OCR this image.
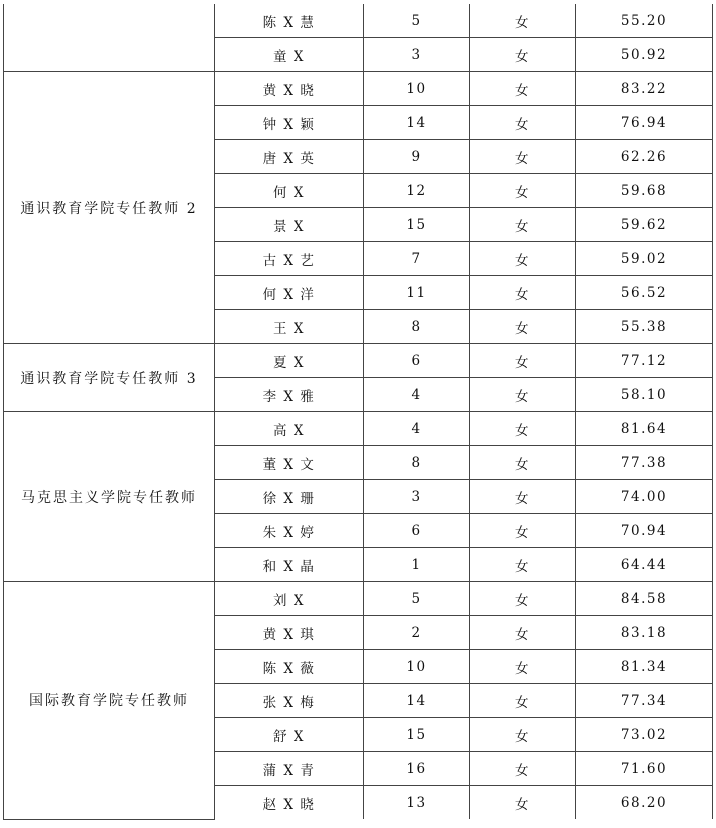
	陈 X 慧	5	女	55.20
	童 X	3	女	50.92
通识教育学院专任教师 2	黄 X 晓	10	女	83.22
	钟 X 颖	14	女	76.94
	唐 X 英	9	女	62.26
	何 X	12	女	59.68
	景 X	15	女	59.62
	古 X 艺	7	女	59.02
	何 X 洋	11	女	56.52
	王 X	8	女	55.38
通识教育学院专任教师 3	夏 X	6	女	77.12
	李 X 雅	4	女	58.10
马克思主义学院专任教师	高 X	4	女	81.64
	董 X 文	8	女	77.38
	徐 X 珊	3	女	74.00
	朱 X 婷	6	女	70.94
	和 X 晶	1	女	64.44
国际教育学院专任教师	刘 X	5	女	84.58
	黄 X 琪	2	女	83.18
	陈 X 薇	10	女	81.34
	张 X 梅	14	女	77.34
	舒 X	15	女	73.02
	蒲 X 青	16	女	71.60
	赵 X 晓	13	女	68.20
